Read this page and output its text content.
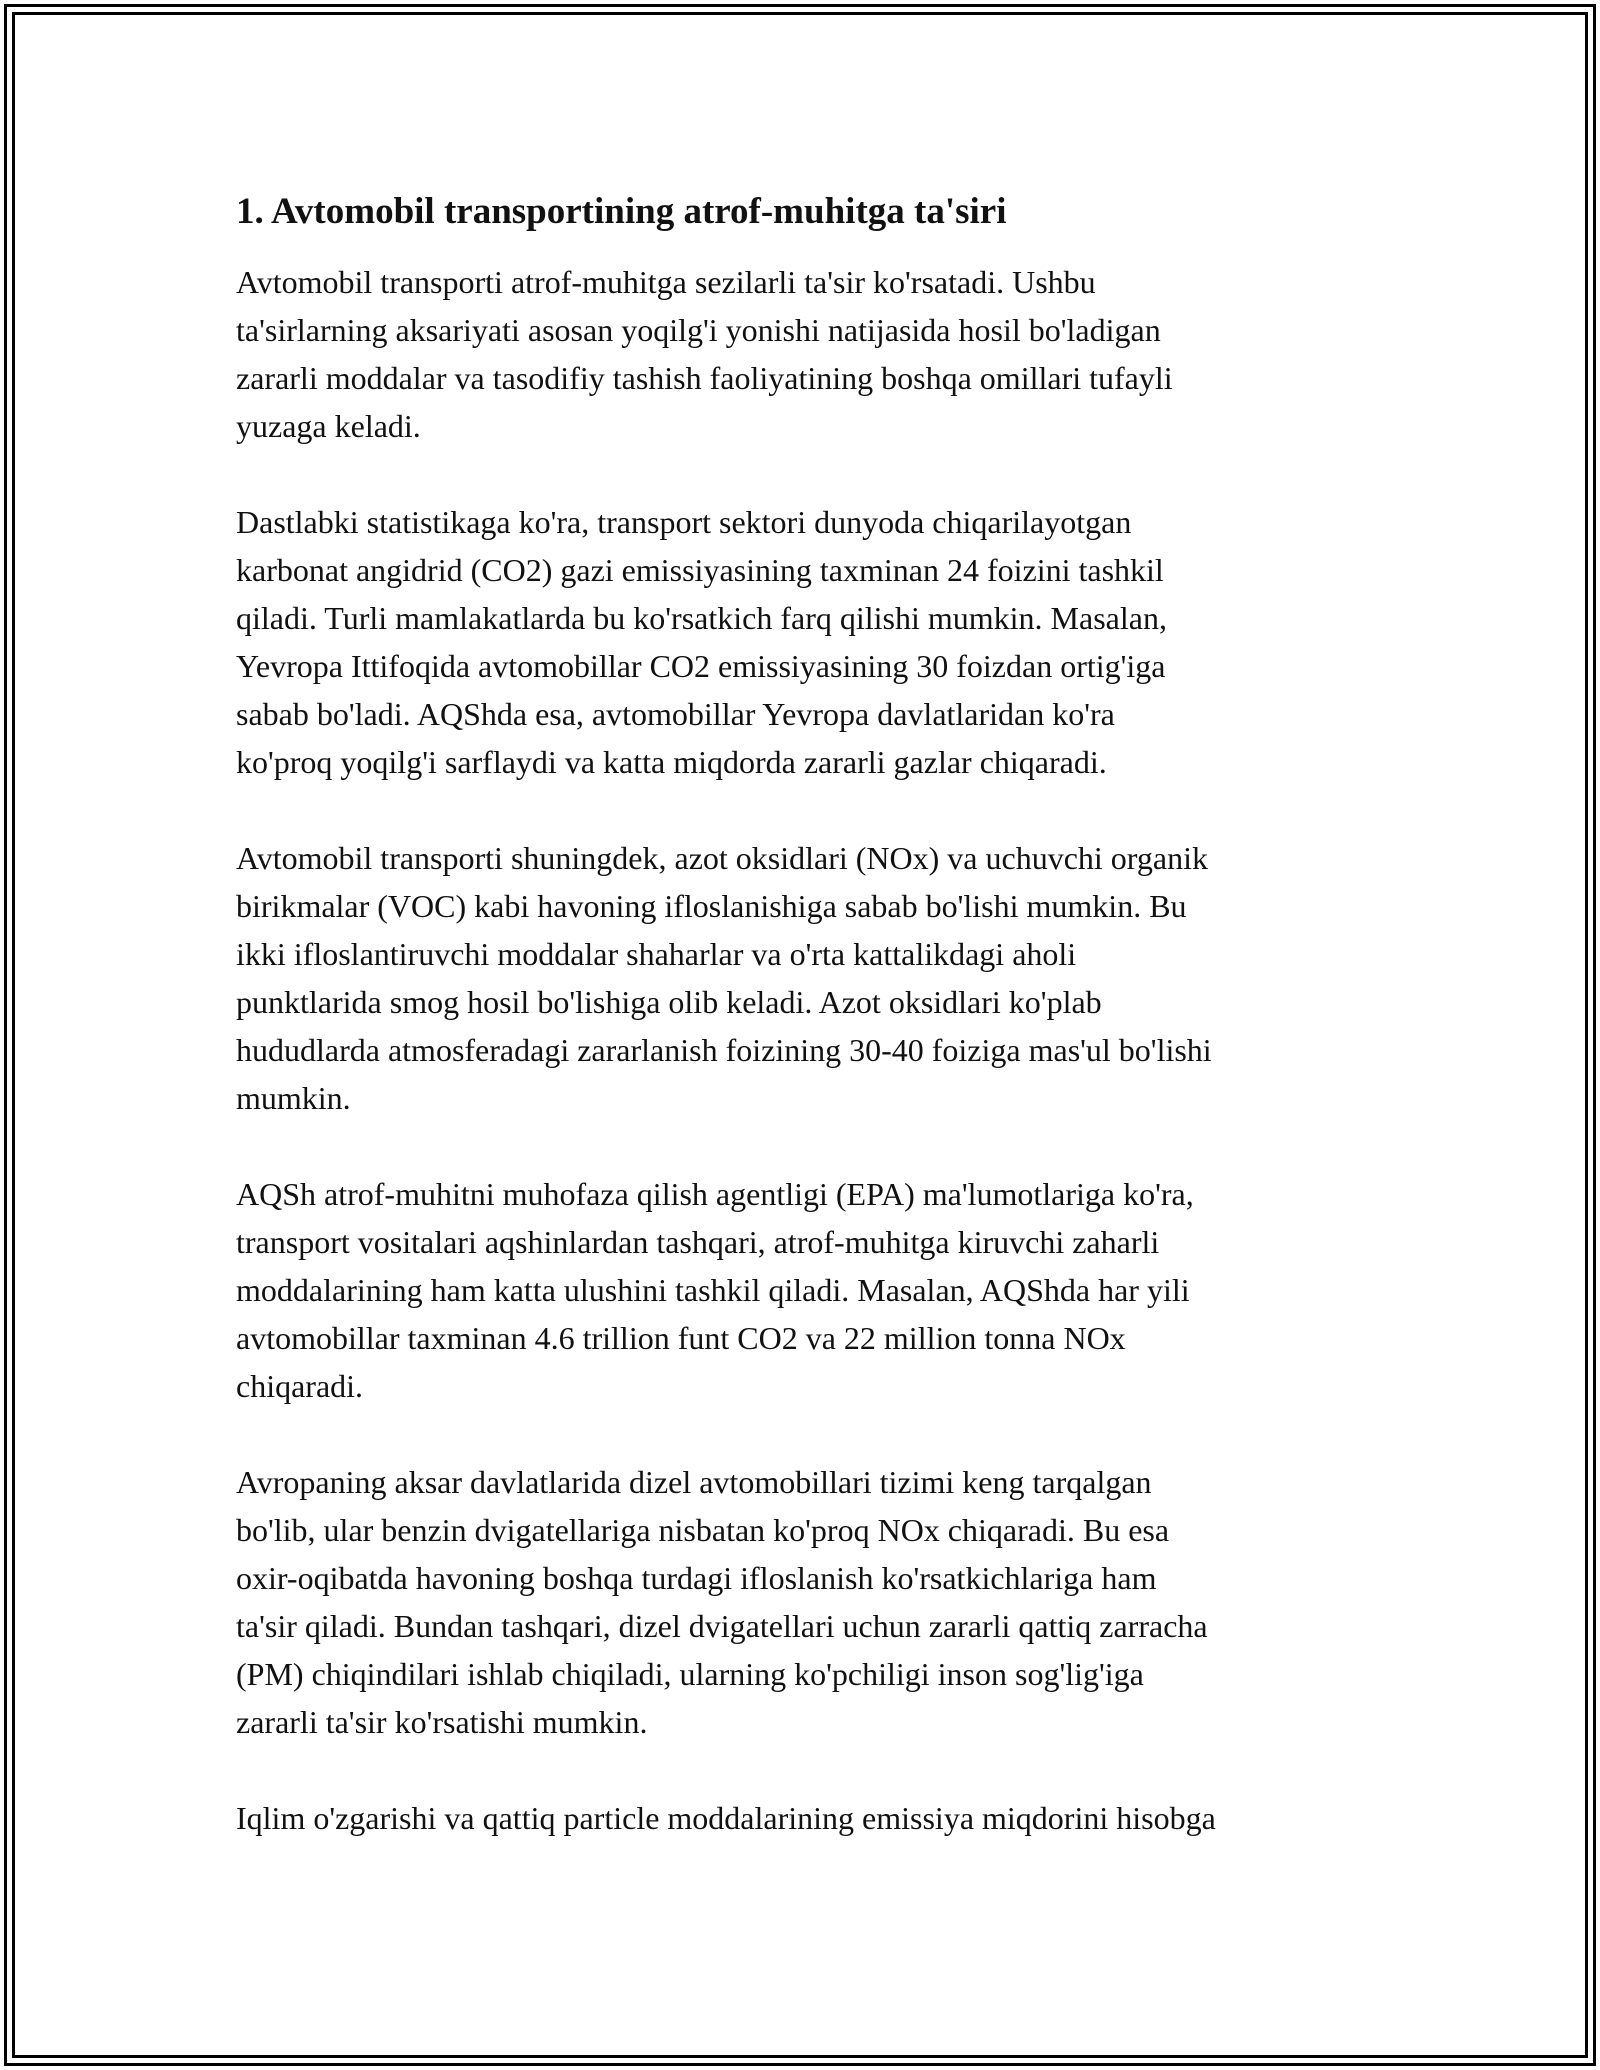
1. Avtomobil transportining atrof-muhitga ta'siri

Avtomobil transporti atrof-muhitga sezilarli ta'sir ko'rsatadi. Ushbu
ta'sirlarning aksariyati asosan yoqilg'i yonishi natijasida hosil bo'ladigan
zararli moddalar va tasodifiy tashish faoliyatining boshqa omillari tufayli
yuzaga keladi.

Dastlabki statistikaga ko'ra, transport sektori dunyoda chiqarilayotgan
karbonat angidrid (CO2) gazi emissiyasining taxminan 24 foizini tashkil
qiladi. Turli mamlakatlarda bu ko'rsatkich farq qilishi mumkin. Masalan,
Yevropa Ittifoqida avtomobillar CO2 emissiyasining 30 foizdan ortig'iga
sabab bo'ladi. AQShda esa, avtomobillar Yevropa davlatlaridan ko'ra
ko'proq yoqilg'i sarflaydi va katta miqdorda zararli gazlar chiqaradi.

Avtomobil transporti shuningdek, azot oksidlari (NOx) va uchuvchi organik
birikmalar (VOC) kabi havoning ifloslanishiga sabab bo'lishi mumkin. Bu
ikki ifloslantiruvchi moddalar shaharlar va o'rta kattalikdagi aholi
punktlarida smog hosil bo'lishiga olib keladi. Azot oksidlari ko'plab
hududlarda atmosferadagi zararlanish foizining 30-40 foiziga mas'ul bo'lishi
mumkin.

AQSh atrof-muhitni muhofaza qilish agentligi (EPA) ma'lumotlariga ko'ra,
transport vositalari aqshinlardan tashqari, atrof-muhitga kiruvchi zaharli
moddalarining ham katta ulushini tashkil qiladi. Masalan, AQShda har yili
avtomobillar taxminan 4.6 trillion funt CO2 va 22 million tonna NOx
chiqaradi.

Avropaning aksar davlatlarida dizel avtomobillari tizimi keng tarqalgan
bo'lib, ular benzin dvigatellariga nisbatan ko'proq NOx chiqaradi. Bu esa
oxir-oqibatda havoning boshqa turdagi ifloslanish ko'rsatkichlariga ham
ta'sir qiladi. Bundan tashqari, dizel dvigatellari uchun zararli qattiq zarracha
(PM) chiqindilari ishlab chiqiladi, ularning ko'pchiligi inson sog'lig'iga
zararli ta'sir ko'rsatishi mumkin.

Iqlim o'zgarishi va qattiq particle moddalarining emissiya miqdorini hisobga
